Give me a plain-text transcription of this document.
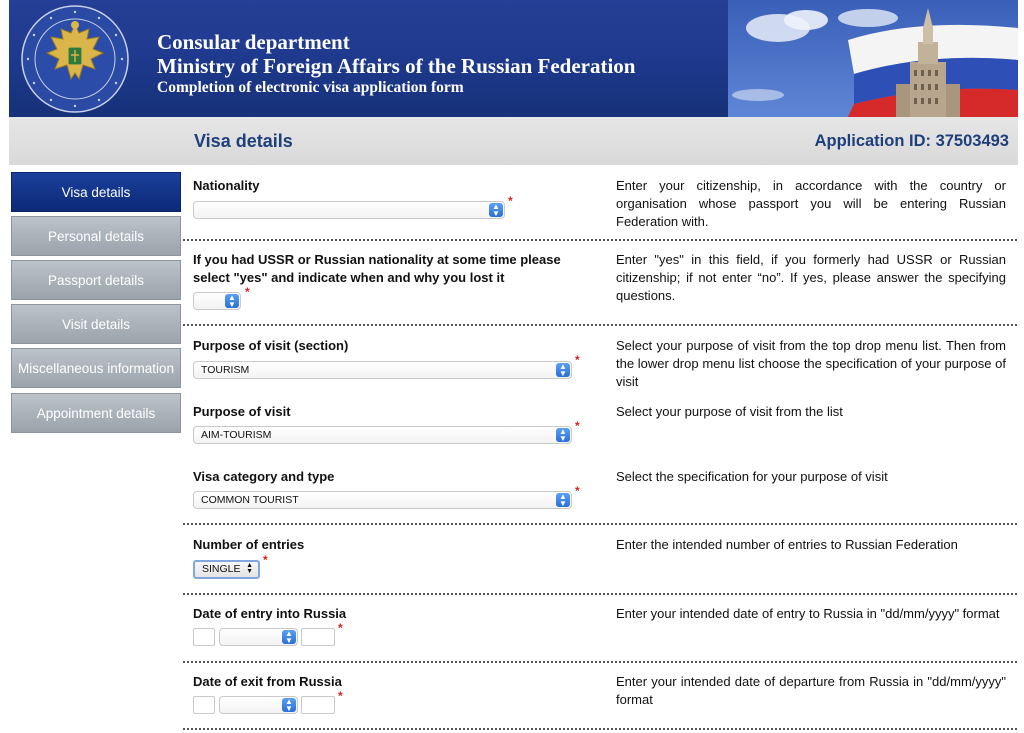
Consular department
Ministry of Foreign Affairs of the Russian Federation
Completion of electronic visa application form
Visa details	Application ID: 37503493
Visa details
Personal details
Passport details
Visit details
Miscellaneous information
Appointment details
Nationality
▲
▼
*
Enter your citizenship, in accordance with the country or organisation whose passport you will be entering Russian Federation with.
If you had USSR or Russian nationality at some time please select "yes" and indicate when and why you lost it
▲
▼
*
Enter "yes" in this field, if you formerly had USSR or Russian citizenship; if not enter “no”. If yes, please answer the specifying questions.
Purpose of visit (section)
TOURISM	▲
▼
*
Select your purpose of visit from the top drop menu list. Then from the lower drop menu list choose the specification of your purpose of visit
Purpose of visit
AIM-TOURISM	▲
▼
*
Select your purpose of visit from the list
Visa category and type
COMMON TOURIST	▲
▼
*
Select the specification for your purpose of visit
Number of entries
SINGLE ▲
▼
*
Enter the intended number of entries to Russian Federation
Date of entry into Russia
▲
▼
*
Enter your intended date of entry to Russia in "dd/mm/yyyy" format
Date of exit from Russia
▲
▼
*
Enter your intended date of departure from Russia in "dd/mm/yyyy" format
